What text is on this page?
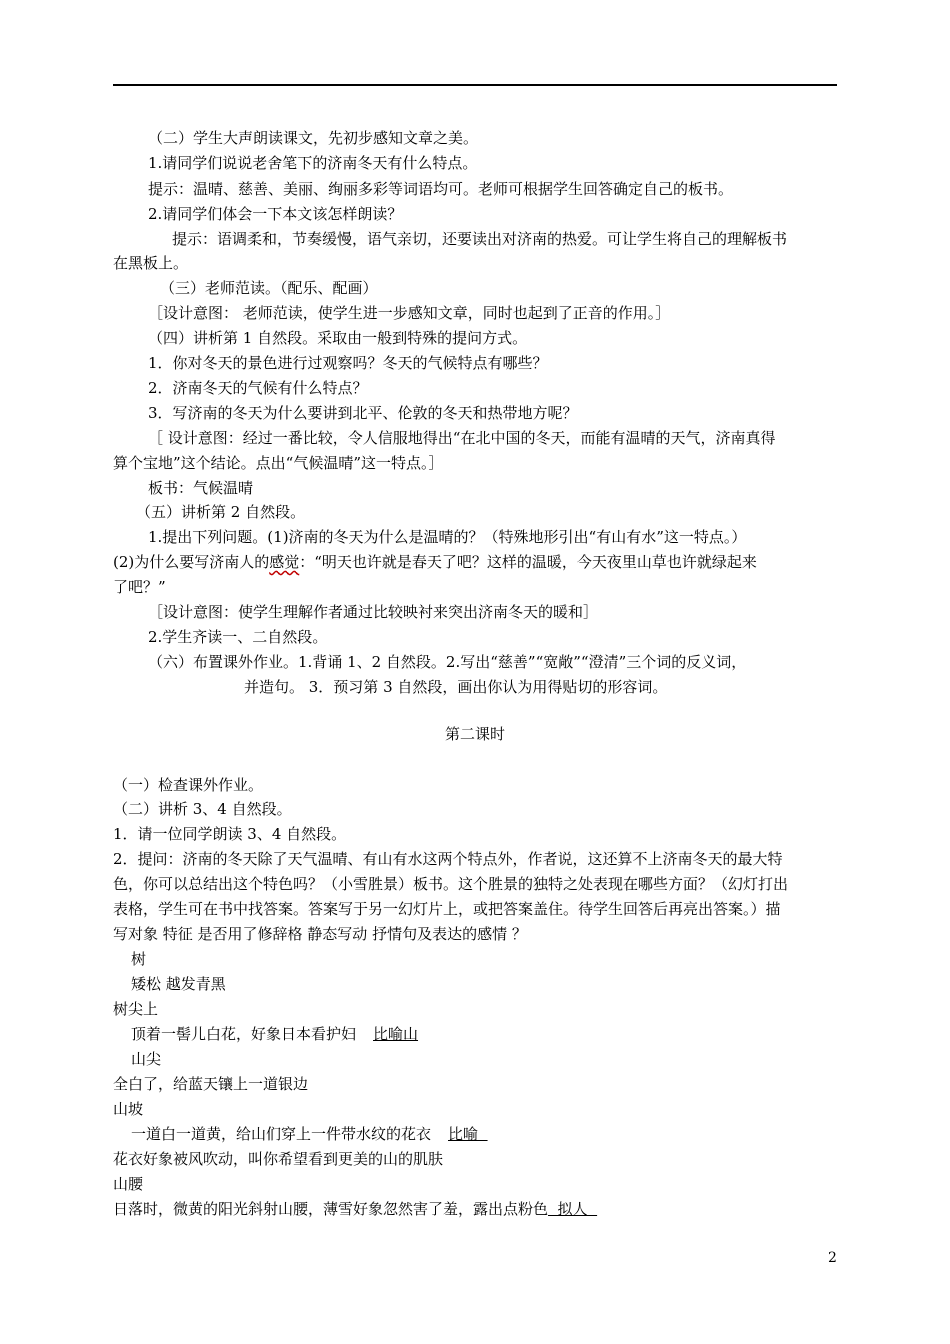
（二）学生大声朗读课文，先初步感知文章之美。
1.请同学们说说老舍笔下的济南冬天有什么特点。
提示：温晴、慈善、美丽、绚丽多彩等词语均可。老师可根据学生回答确定自己的板书。
2.请同学们体会一下本文该怎样朗读？
提示：语调柔和，节奏缓慢，语气亲切，还要读出对济南的热爱。可让学生将自己的理解板书
在黑板上。
（三）老师范读。（配乐、配画）
［设计意图： 老师范读，使学生进一步感知文章，同时也起到了正音的作用。］
（四）讲析第 1 自然段。采取由一般到特殊的提问方式。
1．你对冬天的景色进行过观察吗？冬天的气候特点有哪些？
2．济南冬天的气候有什么特点？
3．写济南的冬天为什么要讲到北平、伦敦的冬天和热带地方呢？
［ 设计意图：经过一番比较，令人信服地得出“在北中国的冬天，而能有温晴的天气，济南真得
算个宝地”这个结论。点出“气候温晴”这一特点。］
板书：气候温晴
（五）讲析第 2 自然段。
1.提出下列问题。(1)济南的冬天为什么是温晴的？（特殊地形引出“有山有水”这一特点。）
(2)为什么要写济南人的感觉：“明天也许就是春天了吧？这样的温暖，今天夜里山草也许就绿起来
了吧？”
［设计意图：使学生理解作者通过比较映衬来突出济南冬天的暖和］
2.学生齐读一、二自然段。
（六）布置课外作业。1.背诵 1、2 自然段。2.写出“慈善”“宽敞”“澄清”三个词的反义词，
并造句。 3．预习第 3 自然段，画出你认为用得贴切的形容词。
第二课时
（一）检查课外作业。
（二）讲析 3、4 自然段。
1．请一位同学朗读 3、4 自然段。
2．提问：济南的冬天除了天气温晴、有山有水这两个特点外，作者说，这还算不上济南冬天的最大特
色，你可以总结出这个特色吗？（小雪胜景）板书。这个胜景的独特之处表现在哪些方面？（幻灯打出
表格，学生可在书中找答案。答案写于另一幻灯片上，或把答案盖住。待学生回答后再亮出答案。）描
写对象 特征 是否用了修辞格 静态写动 抒情句及表达的感情 ？
树
矮松 越发青黑
树尖上
顶着一髻儿白花，好象日本看护妇 比喻山
山尖
全白了，给蓝天镶上一道银边
山坡
一道白一道黄，给山们穿上一件带水纹的花衣 比喻
花衣好象被风吹动，叫你希望看到更美的山的肌肤
山腰
日落时，微黄的阳光斜射山腰，薄雪好象忽然害了羞，露出点粉色  拟人
2
